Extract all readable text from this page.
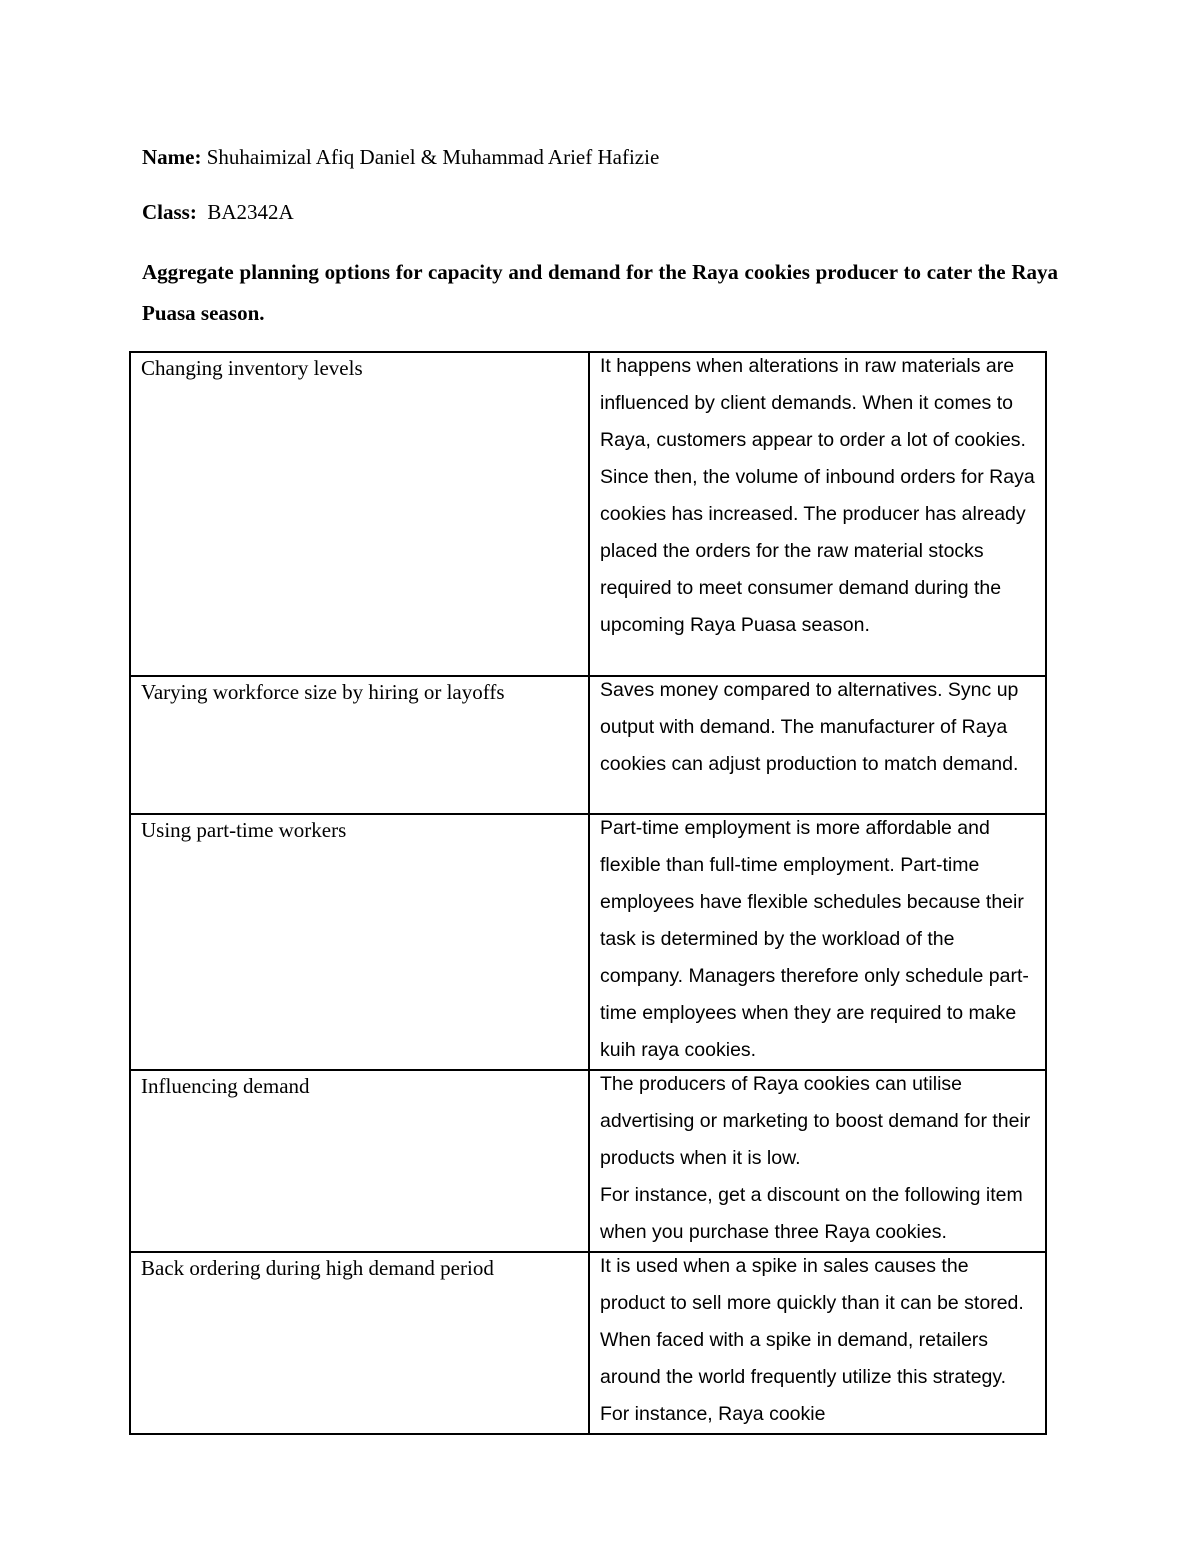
Name: Shuhaimizal Afiq Daniel & Muhammad Arief Hafizie
Class:  BA2342A
Aggregate planning options for capacity and demand for the Raya cookies producer to cater the Raya Puasa season.
Changing inventory levels	It happens when alterations in raw materials are influenced by client demands. When it comes to Raya, customers appear to order a lot of cookies. Since then, the volume of inbound orders for Raya cookies has increased. The producer has already placed the orders for the raw material stocks required to meet consumer demand during the upcoming Raya Puasa season.

Varying workforce size by hiring or layoffs	Saves money compared to alternatives. Sync up output with demand. The manufacturer of Raya cookies can adjust production to match demand.

Using part-time workers	Part-time employment is more affordable and flexible than full-time employment. Part-time employees have flexible schedules because their task is determined by the workload of the company. Managers therefore only schedule part-time employees when they are required to make kuih raya cookies.

Influencing demand	The producers of Raya cookies can utilise advertising or marketing to boost demand for their products when it is low.
For instance, get a discount on the following item when you purchase three Raya cookies.

Back ordering during high demand period	It is used when a spike in sales causes the product to sell more quickly than it can be stored. When faced with a spike in demand, retailers around the world frequently utilize this strategy. For instance, Raya cookie
